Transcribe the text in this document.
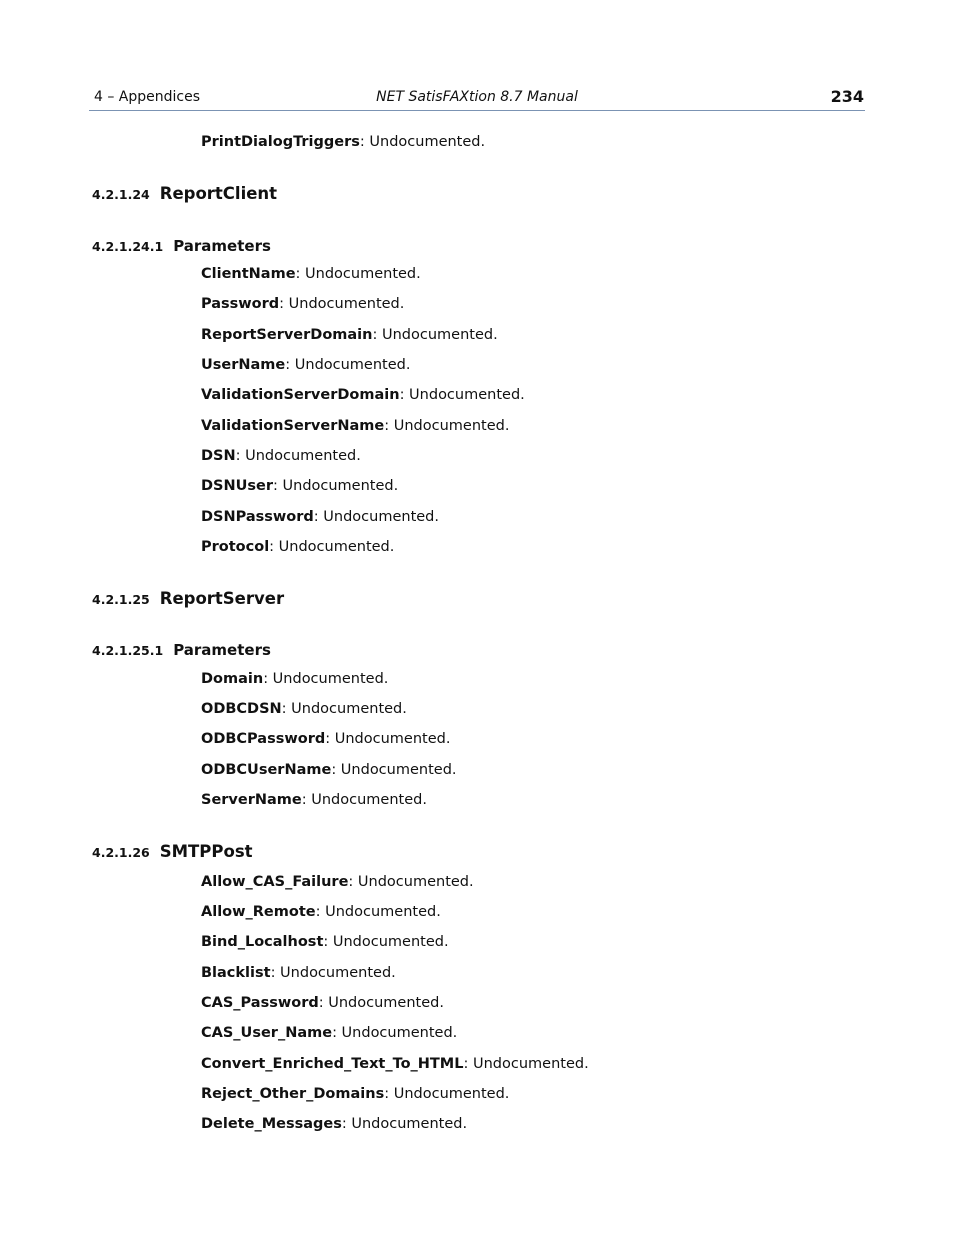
4 – Appendices	NET SatisFAXtion 8.7 Manual	234
PrintDialogTriggers: Undocumented.
4.2.1.24 ReportClient
4.2.1.24.1 Parameters
ClientName: Undocumented.
Password: Undocumented.
ReportServerDomain: Undocumented.
UserName: Undocumented.
ValidationServerDomain: Undocumented.
ValidationServerName: Undocumented.
DSN: Undocumented.
DSNUser: Undocumented.
DSNPassword: Undocumented.
Protocol: Undocumented.
4.2.1.25 ReportServer
4.2.1.25.1 Parameters
Domain: Undocumented.
ODBCDSN: Undocumented.
ODBCPassword: Undocumented.
ODBCUserName: Undocumented.
ServerName: Undocumented.
4.2.1.26 SMTPPost
Allow_CAS_Failure: Undocumented.
Allow_Remote: Undocumented.
Bind_Localhost: Undocumented.
Blacklist: Undocumented.
CAS_Password: Undocumented.
CAS_User_Name: Undocumented.
Convert_Enriched_Text_To_HTML: Undocumented.
Reject_Other_Domains: Undocumented.
Delete_Messages: Undocumented.
